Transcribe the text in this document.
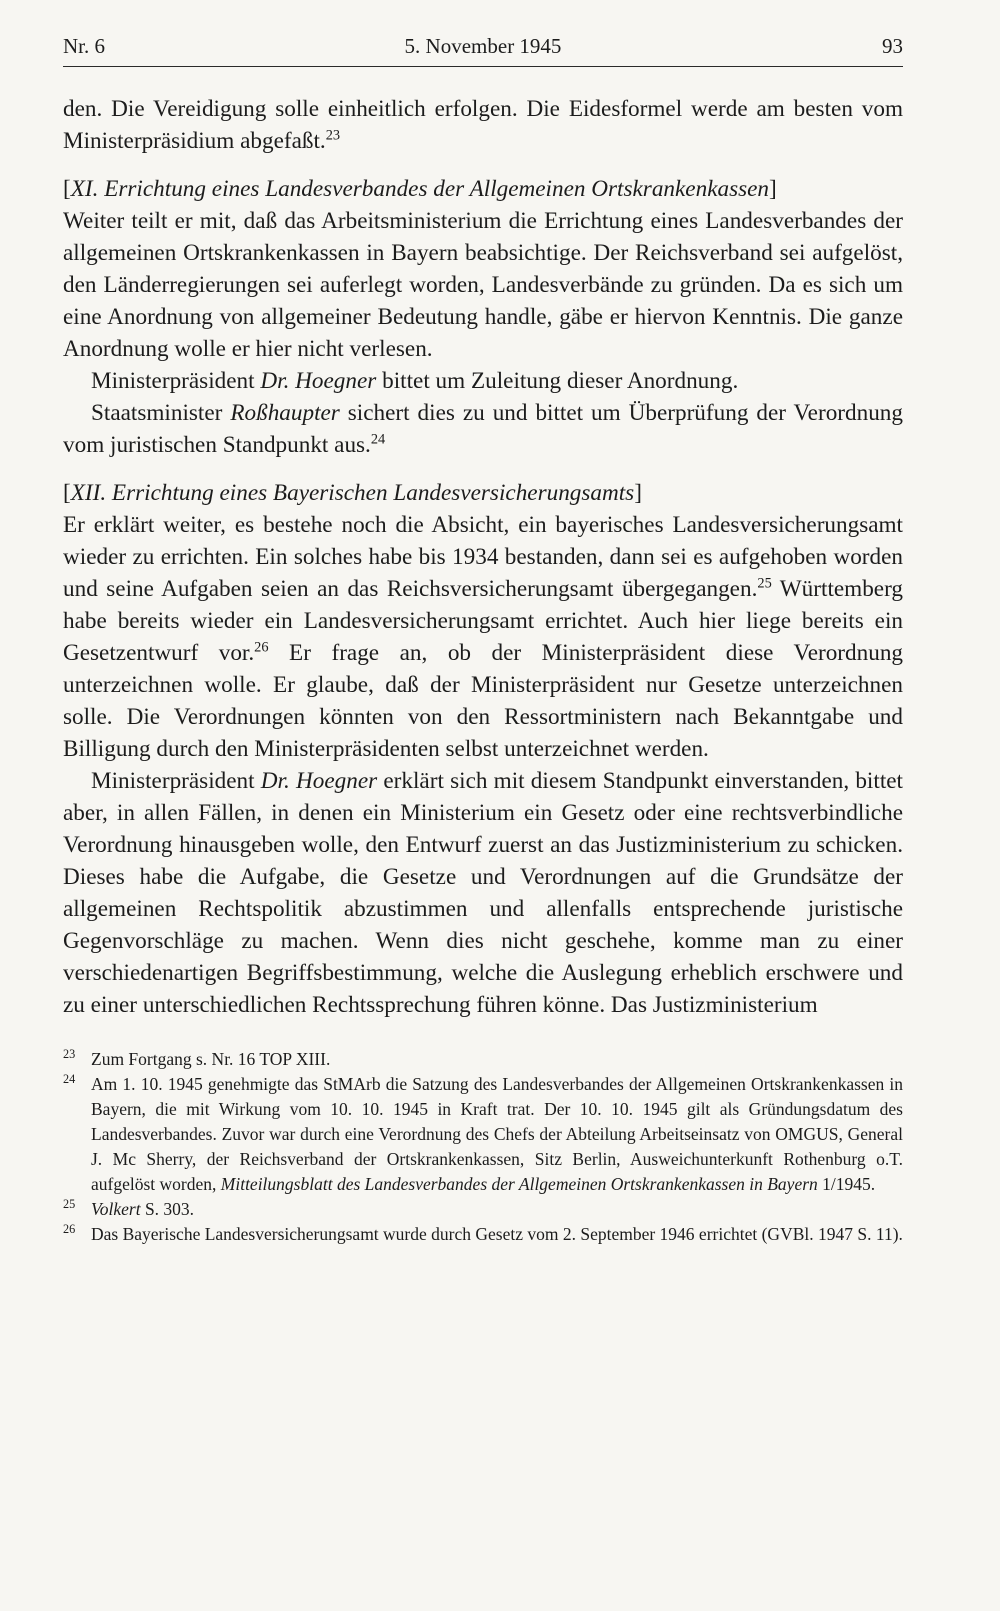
Nr. 6	5. November 1945	93

den. Die Vereidigung solle einheitlich erfolgen. Die Eidesformel werde am besten vom Ministerpräsidium abgefaßt.$^{23}$

[XI. Errichtung eines Landesverbandes der Allgemeinen Ortskrankenkassen]

Weiter teilt er mit, daß das Arbeitsministerium die Errichtung eines Landesverbandes der allgemeinen Ortskrankenkassen in Bayern beabsichtige. Der Reichsverband sei aufgelöst, den Länderregierungen sei auferlegt worden, Landesverbände zu gründen. Da es sich um eine Anordnung von allgemeiner Bedeutung handle, gäbe er hiervon Kenntnis. Die ganze Anordnung wolle er hier nicht verlesen.

Ministerpräsident Dr. Hoegner bittet um Zuleitung dieser Anordnung.

Staatsminister Roßhaupter sichert dies zu und bittet um Überprüfung der Verordnung vom juristischen Standpunkt aus.$^{24}$

[XII. Errichtung eines Bayerischen Landesversicherungsamts]

Er erklärt weiter, es bestehe noch die Absicht, ein bayerisches Landesversicherungsamt wieder zu errichten. Ein solches habe bis 1934 bestanden, dann sei es aufgehoben worden und seine Aufgaben seien an das Reichsversicherungsamt übergegangen.$^{25}$ Württemberg habe bereits wieder ein Landesversicherungsamt errichtet. Auch hier liege bereits ein Gesetzentwurf vor.$^{26}$ Er frage an, ob der Ministerpräsident diese Verordnung unterzeichnen wolle. Er glaube, daß der Ministerpräsident nur Gesetze unterzeichnen solle. Die Verordnungen könnten von den Ressortministern nach Bekanntgabe und Billigung durch den Ministerpräsidenten selbst unterzeichnet werden.

Ministerpräsident Dr. Hoegner erklärt sich mit diesem Standpunkt einverstanden, bittet aber, in allen Fällen, in denen ein Ministerium ein Gesetz oder eine rechtsverbindliche Verordnung hinausgeben wolle, den Entwurf zuerst an das Justizministerium zu schicken. Dieses habe die Aufgabe, die Gesetze und Verordnungen auf die Grundsätze der allgemeinen Rechtspolitik abzustimmen und allenfalls entsprechende juristische Gegenvorschläge zu machen. Wenn dies nicht geschehe, komme man zu einer verschiedenartigen Begriffsbestimmung, welche die Auslegung erheblich erschwere und zu einer unterschiedlichen Rechtssprechung führen könne. Das Justizministerium

$^{23}$ Zum Fortgang s. Nr. 16 TOP XIII.
$^{24}$ Am 1. 10. 1945 genehmigte das StMArb die Satzung des Landesverbandes der Allgemeinen Ortskrankenkassen in Bayern, die mit Wirkung vom 10. 10. 1945 in Kraft trat. Der 10. 10. 1945 gilt als Gründungsdatum des Landesverbandes. Zuvor war durch eine Verordnung des Chefs der Abteilung Arbeitseinsatz von OMGUS, General J. Mc Sherry, der Reichsverband der Ortskrankenkassen, Sitz Berlin, Ausweichunterkunft Rothenburg o.T. aufgelöst worden, Mitteilungsblatt des Landesverbandes der Allgemeinen Ortskrankenkassen in Bayern 1/1945.
$^{25}$ Volkert S. 303.
$^{26}$ Das Bayerische Landesversicherungsamt wurde durch Gesetz vom 2. September 1946 errichtet (GVBl. 1947 S. 11).
